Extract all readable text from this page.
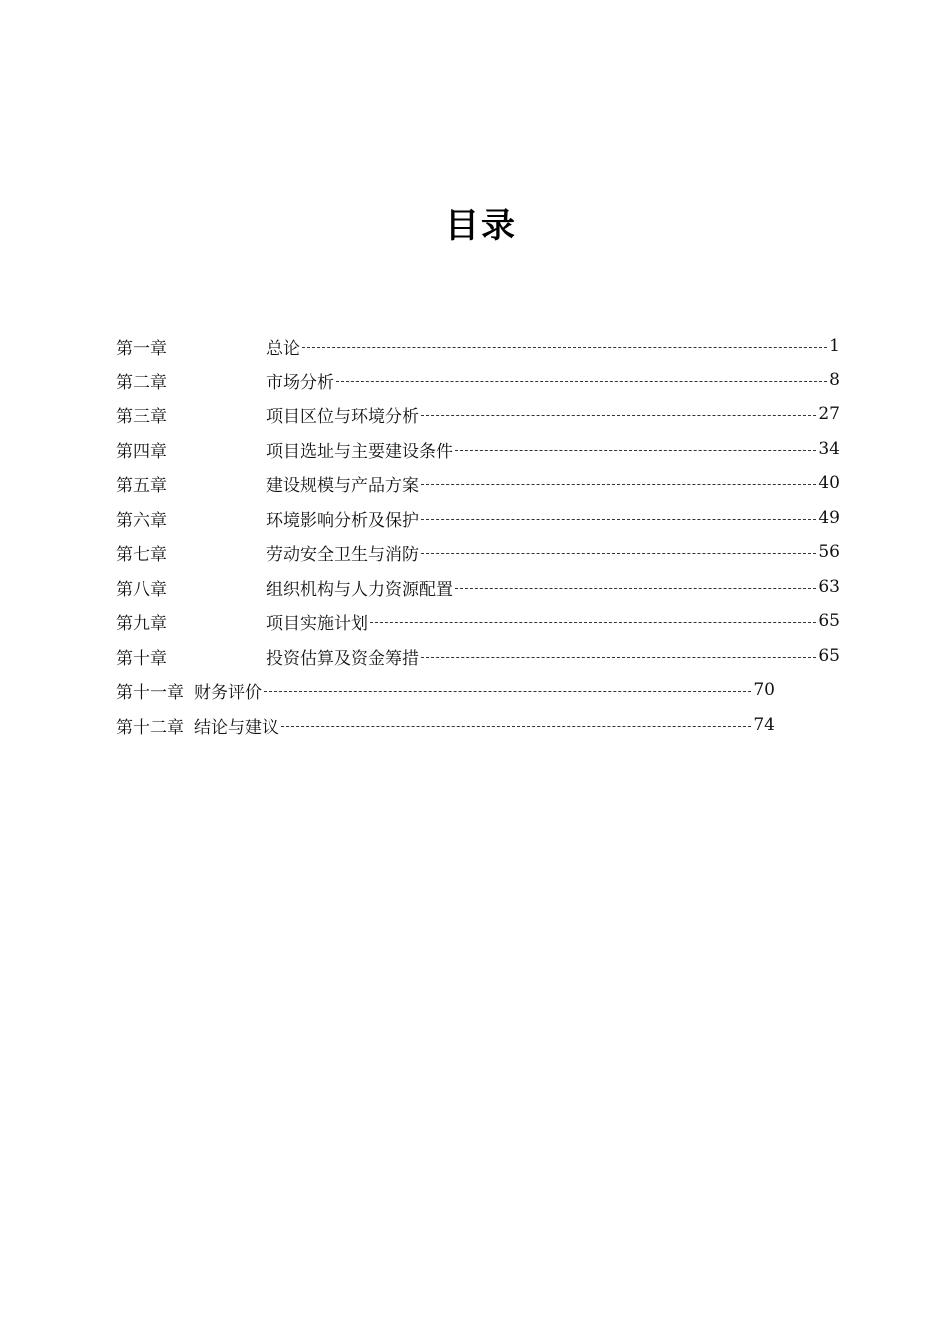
目录
第一章	总论	1
第二章	市场分析	8
第三章	项目区位与环境分析	27
第四章	项目选址与主要建设条件	34
第五章	建设规模与产品方案	40
第六章	环境影响分析及保护	49
第七章	劳动安全卫生与消防	56
第八章	组织机构与人力资源配置	63
第九章	项目实施计划	65
第十章	投资估算及资金筹措	65
第十一章 财务评价	70
第十二章 结论与建议	74
